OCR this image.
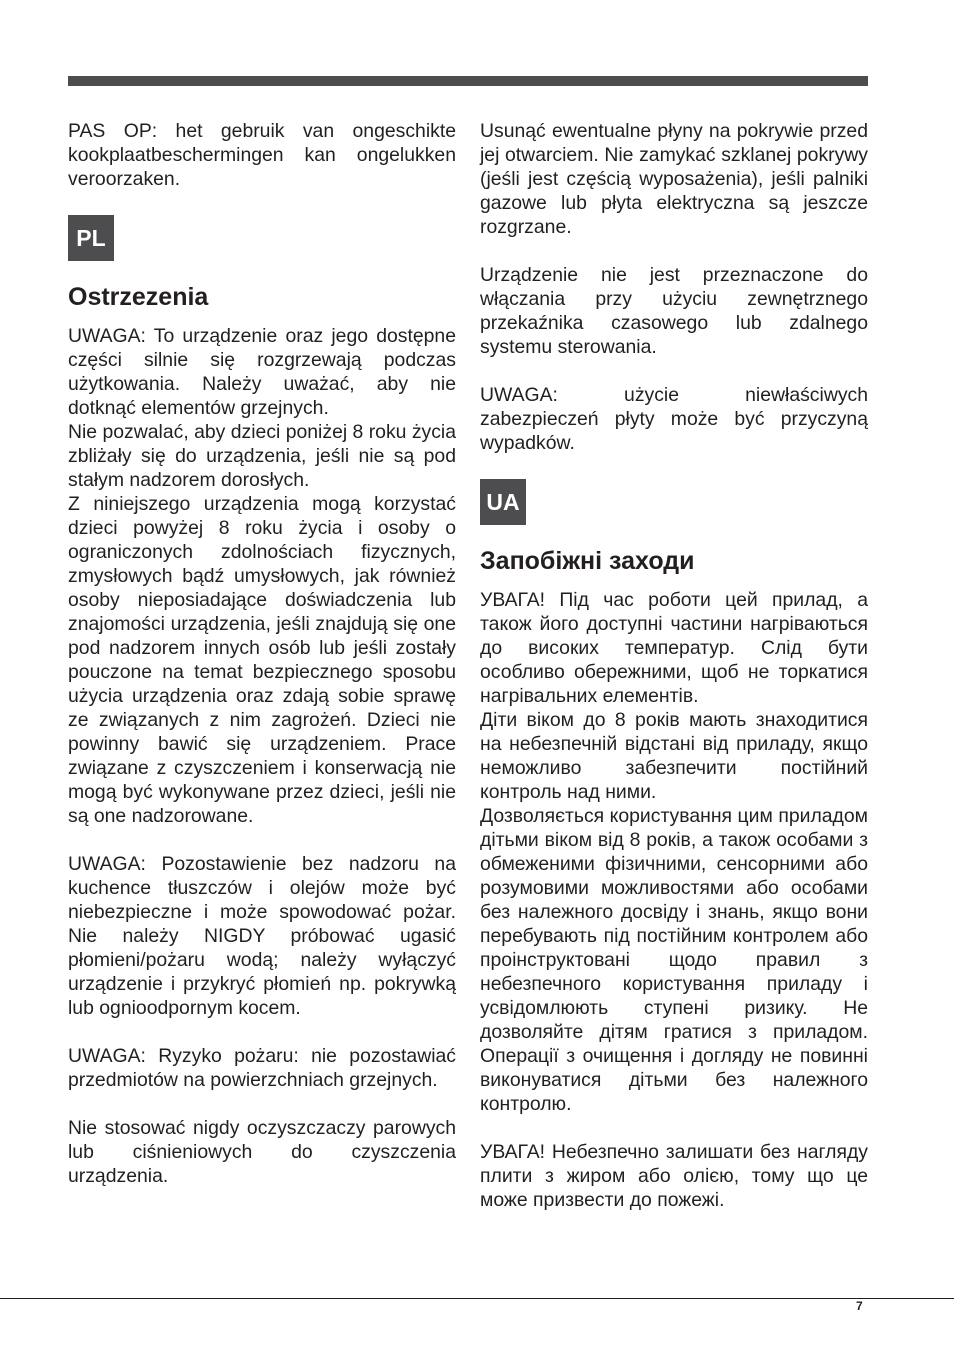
PAS OP: het gebruik van ongeschikte kookplaatbeschermingen kan ongelukken veroorzaken.

PL
Ostrzezenia

UWAGA: To urządzenie oraz jego dostępne części silnie się rozgrzewają podczas użytkowania. Należy uważać, aby nie dotknąć elementów grzejnych.

Nie pozwalać, aby dzieci poniżej 8 roku życia zbliżały się do urządzenia, jeśli nie są pod stałym nadzorem dorosłych.

Z niniejszego urządzenia mogą korzystać dzieci powyżej 8 roku życia i osoby o ograniczonych zdolnościach fizycznych, zmysłowych bądź umysłowych, jak również osoby nieposiadające doświadczenia lub znajomości urządzenia, jeśli znajdują się one pod nadzorem innych osób lub jeśli zostały pouczone na temat bezpiecznego sposobu użycia urządzenia oraz zdają sobie sprawę ze związanych z nim zagrożeń. Dzieci nie powinny bawić się urządzeniem. Prace związane z czyszczeniem i konserwacją nie mogą być wykonywane przez dzieci, jeśli nie są one nadzorowane.

UWAGA: Pozostawienie bez nadzoru na kuchence tłuszczów i olejów może być niebezpieczne i może spowodować pożar. Nie należy NIGDY próbować ugasić płomieni/pożaru wodą; należy wyłączyć urządzenie i przykryć płomień np. pokrywką lub ognioodpornym kocem.

UWAGA: Ryzyko pożaru: nie pozostawiać przedmiotów na powierzchniach grzejnych.

Nie stosować nigdy oczyszczaczy parowych lub ciśnieniowych do czyszczenia urządzenia.

Usunąć ewentualne płyny na pokrywie przed jej otwarciem. Nie zamykać szklanej pokrywy (jeśli jest częścią wyposażenia), jeśli palniki gazowe lub płyta elektryczna są jeszcze rozgrzane.

Urządzenie nie jest przeznaczone do włączania przy użyciu zewnętrznego przekaźnika czasowego lub zdalnego systemu sterowania.

UWAGA: użycie niewłaściwych zabezpieczeń płyty może być przyczyną wypadków.

UA
Запобіжні заходи

УВАГА! Під час роботи цей прилад, а також його доступні частини нагріваються до високих температур. Слід бути особливо обережними, щоб не торкатися нагрівальних елементів.

Діти віком до 8 років мають знаходитися на небезпечній відстані від приладу, якщо неможливо забезпечити постійний контроль над ними.

Дозволяється користування цим приладом дітьми віком від 8 років, а також особами з обмеженими фізичними, сенсорними або розумовими можливостями або особами без належного досвіду і знань, якщо вони перебувають під постійним контролем або проінструктовані щодо правил з небезпечного користування приладу і усвідомлюють ступені ризику. Не дозволяйте дітям гратися з приладом. Операції з очищення і догляду не повинні виконуватися дітьми без належного контролю.

УВАГА! Небезпечно залишати без нагляду плити з жиром або олією, тому що це може призвести до пожежі.

7
